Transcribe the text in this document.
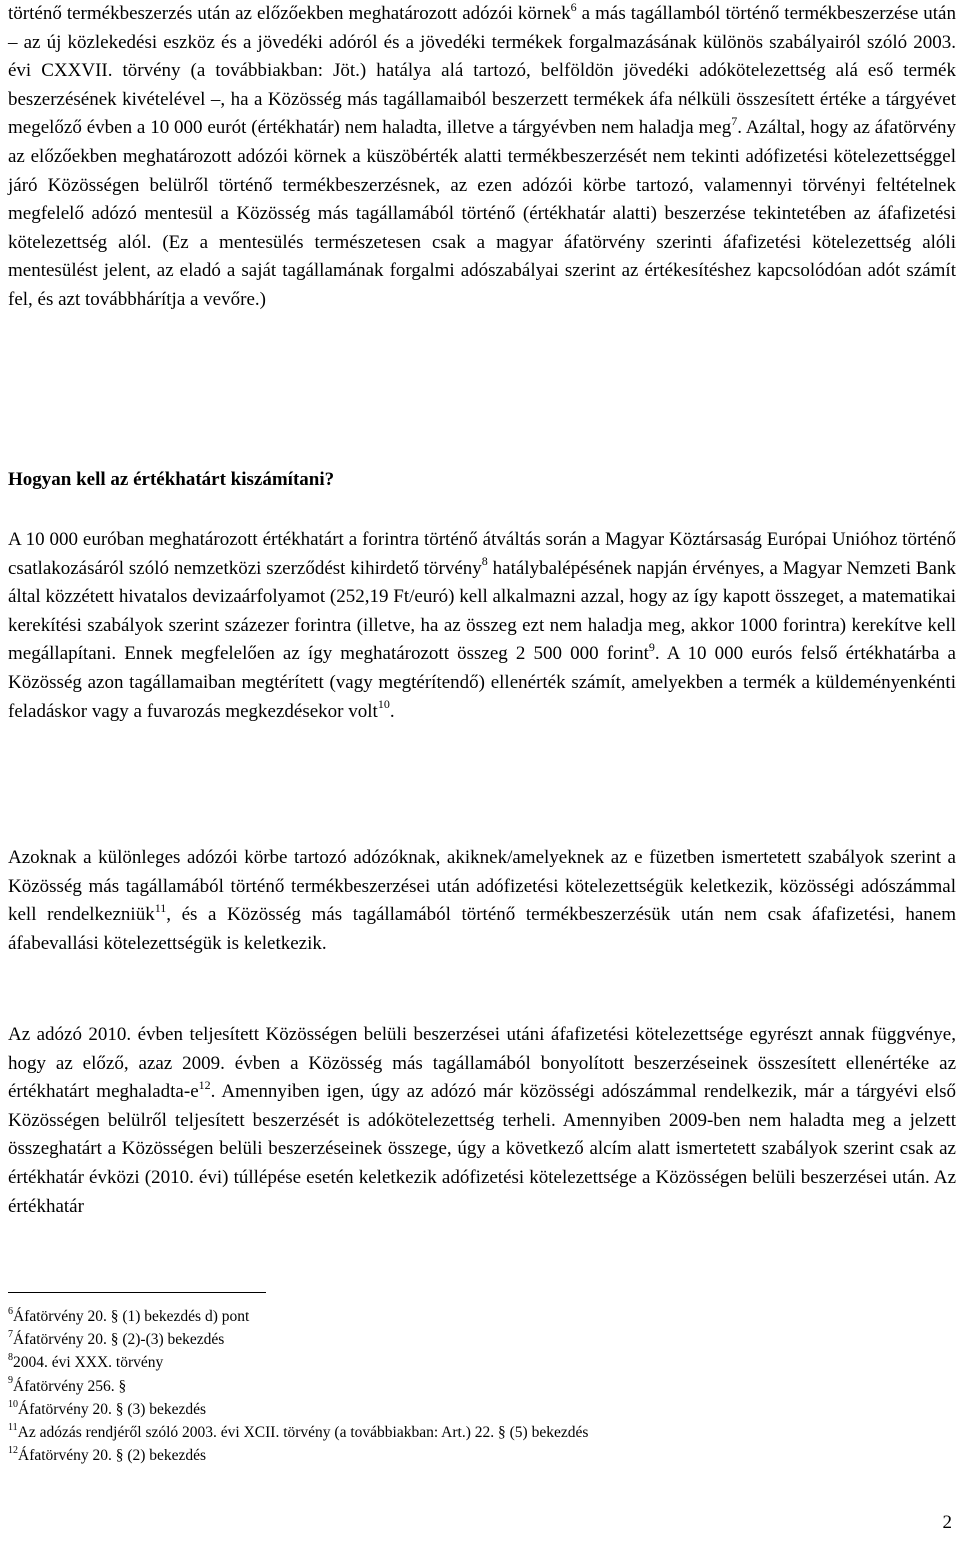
történő termékbeszerzés után az előzőekben meghatározott adózói körnek$^6$ a más tagállamból történő termékbeszerzése után – az új közlekedési eszköz és a jövedéki adóról és a jövedéki termékek forgalmazásának különös szabályairól szóló 2003. évi CXXVII. törvény (a továbbiakban: Jöt.) hatálya alá tartozó, belföldön jövedéki adókötelezettség alá eső termék beszerzésének kivételével –, ha a Közösség más tagállamaiból beszerzett termékek áfa nélküli összesített értéke a tárgyévet megelőző évben a 10 000 eurót (értékhatár) nem haladta, illetve a tárgyévben nem haladja meg$^7$. Azáltal, hogy az áfatörvény az előzőekben meghatározott adózói körnek a küszöbérték alatti termékbeszerzését nem tekinti adófizetési kötelezettséggel járó Közösségen belülről történő termékbeszerzésnek, az ezen adózói körbe tartozó, valamennyi törvényi feltételnek megfelelő adózó mentesül a Közösség más tagállamából történő (értékhatár alatti) beszerzése tekintetében az áfafizetési kötelezettség alól. (Ez a mentesülés természetesen csak a magyar áfatörvény szerinti áfafizetési kötelezettség alóli mentesülést jelent, az eladó a saját tagállamának forgalmi adószabályai szerint az értékesítéshez kapcsolódóan adót számít fel, és azt továbbhárítja a vevőre.)

Hogyan kell az értékhatárt kiszámítani?

A 10 000 euróban meghatározott értékhatárt a forintra történő átváltás során a Magyar Köztársaság Európai Unióhoz történő csatlakozásáról szóló nemzetközi szerződést kihirdető törvény$^8$ hatálybalépésének napján érvényes, a Magyar Nemzeti Bank által közzétett hivatalos devizaárfolyamot (252,19 Ft/euró) kell alkalmazni azzal, hogy az így kapott összeget, a matematikai kerekítési szabályok szerint százezer forintra (illetve, ha az összeg ezt nem haladja meg, akkor 1000 forintra) kerekítve kell megállapítani. Ennek megfelelően az így meghatározott összeg 2 500 000 forint$^9$. A 10 000 eurós felső értékhatárba a Közösség azon tagállamaiban megtérített (vagy megtérítendő) ellenérték számít, amelyekben a termék a küldeményenkénti feladáskor vagy a fuvarozás megkezdésekor volt$^{10}$.

Azoknak a különleges adózói körbe tartozó adózóknak, akiknek/amelyeknek az e füzetben ismertetett szabályok szerint a Közösség más tagállamából történő termékbeszerzései után adófizetési kötelezettségük keletkezik, közösségi adószámmal kell rendelkezniük$^{11}$, és a Közösség más tagállamából történő termékbeszerzésük után nem csak áfafizetési, hanem áfabevallási kötelezettségük is keletkezik.

Az adózó 2010. évben teljesített Közösségen belüli beszerzései utáni áfafizetési kötelezettsége egyrészt annak függvénye, hogy az előző, azaz 2009. évben a Közösség más tagállamából bonyolított beszerzéseinek összesített ellenértéke az értékhatárt meghaladta-$e^{12}$. Amennyiben igen, úgy az adózó már közösségi adószámmal rendelkezik, már a tárgyévi első Közösségen belülről teljesített beszerzését is adókötelezettség terheli. Amennyiben 2009-ben nem haladta meg a jelzett összeghatárt a Közösségen belüli beszerzéseinek összege, úgy a következő alcím alatt ismertetett szabályok szerint csak az értékhatár évközi (2010. évi) túllépése esetén keletkezik adófizetési kötelezettsége a Közösségen belüli beszerzései után. Az értékhatár

$^6$Áfatörvény 20. § (1) bekezdés d) pont

$^7$Áfatörvény 20. § (2)-(3) bekezdés

$^8$2004. évi XXX. törvény

$^9$Áfatörvény 256. §

$^{10}$Áfatörvény 20. § (3) bekezdés

$^{11}$Az adózás rendjéről szóló 2003. évi XCII. törvény (a továbbiakban: Art.) 22. § (5) bekezdés

$^{12}$Áfatörvény 20. § (2) bekezdés

2
